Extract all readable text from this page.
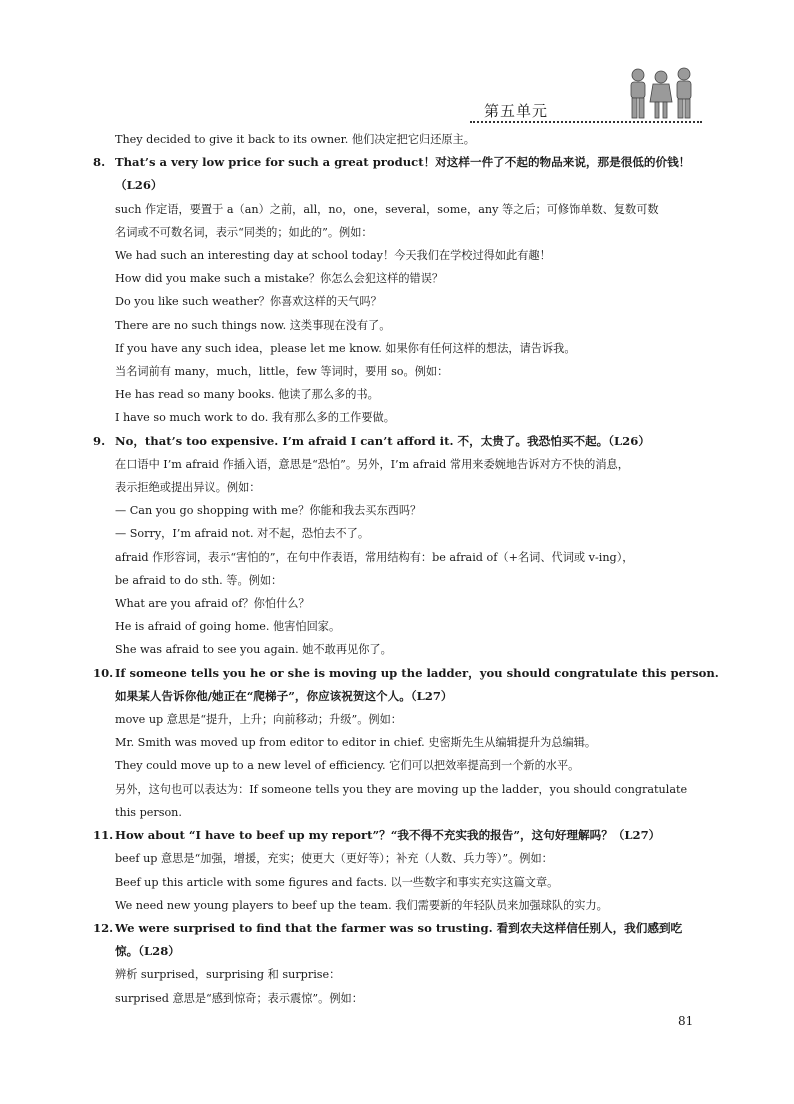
第五单元
They decided to give it back to its owner. 他们决定把它归还原主。
8. That’s a very low price for such a great product！对这样一件了不起的物品来说，那是很低的价钱！
（L26）
such 作定语，要置于 a（an）之前，all，no，one，several，some，any 等之后；可修饰单数、复数可数
名词或不可数名词，表示“同类的；如此的”。例如：
We had such an interesting day at school today！今天我们在学校过得如此有趣！
How did you make such a mistake？你怎么会犯这样的错误？
Do you like such weather？你喜欢这样的天气吗？
There are no such things now. 这类事现在没有了。
If you have any such idea，please let me know. 如果你有任何这样的想法，请告诉我。
当名词前有 many，much，little，few 等词时，要用 so。例如：
He has read so many books. 他读了那么多的书。
I have so much work to do. 我有那么多的工作要做。
9. No，that’s too expensive. I’m afraid I can’t afford it. 不，太贵了。我恐怕买不起。（L26）
在口语中 I’m afraid 作插入语，意思是“恐怕”。另外，I’m afraid 常用来委婉地告诉对方不快的消息，
表示拒绝或提出异议。例如：
— Can you go shopping with me？你能和我去买东西吗？
— Sorry，I’m afraid not. 对不起，恐怕去不了。
afraid 作形容词，表示“害怕的”，在句中作表语，常用结构有：be afraid of（+名词、代词或 v-ing），
be afraid to do sth. 等。例如：
What are you afraid of？你怕什么？
He is afraid of going home. 他害怕回家。
She was afraid to see you again. 她不敢再见你了。
10. If someone tells you he or she is moving up the ladder，you should congratulate this person.
如果某人告诉你他/她正在“爬梯子”，你应该祝贺这个人。（L27）
move up 意思是“提升，上升；向前移动；升级”。例如：
Mr. Smith was moved up from editor to editor in chief. 史密斯先生从编辑提升为总编辑。
They could move up to a new level of efficiency. 它们可以把效率提高到一个新的水平。
另外，这句也可以表达为：If someone tells you they are moving up the ladder，you should congratulate
this person.
11. How about “I have to beef up my report”？“我不得不充实我的报告”，这句好理解吗？（L27）
beef up 意思是“加强，增援，充实；使更大（更好等）；补充（人数、兵力等）”。例如：
Beef up this article with some figures and facts. 以一些数字和事实充实这篇文章。
We need new young players to beef up the team. 我们需要新的年轻队员来加强球队的实力。
12. We were surprised to find that the farmer was so trusting. 看到农夫这样信任别人，我们感到吃
惊。（L28）
辨析 surprised，surprising 和 surprise：
surprised 意思是“感到惊奇；表示震惊”。例如：
81
